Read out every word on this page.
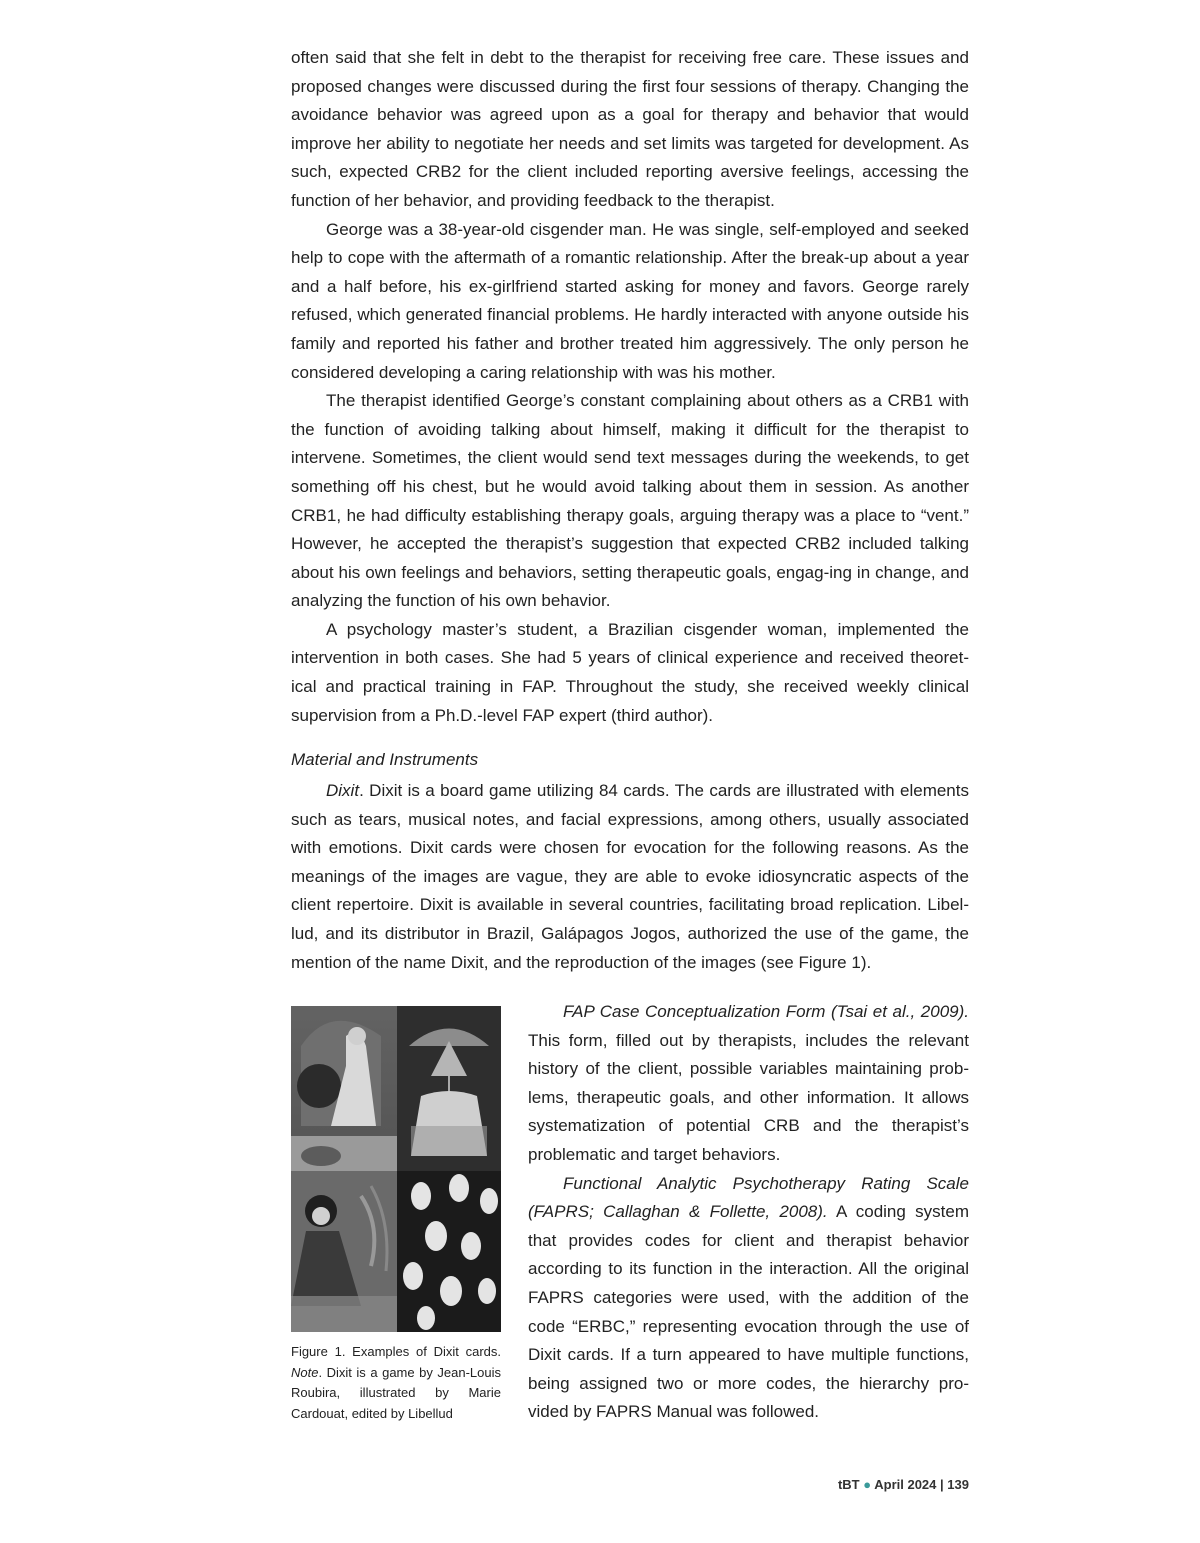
often said that she felt in debt to the therapist for receiving free care. These issues and proposed changes were discussed during the first four sessions of therapy. Changing the avoidance behavior was agreed upon as a goal for therapy and behavior that would improve her ability to negotiate her needs and set limits was targeted for development. As such, expected CRB2 for the client included reporting aversive feelings, accessing the function of her behavior, and providing feedback to the therapist.

George was a 38-year-old cisgender man. He was single, self-employed and seeked help to cope with the aftermath of a romantic relationship. After the break-up about a year and a half before, his ex-girlfriend started asking for money and favors. George rarely refused, which generated financial problems. He hardly interacted with anyone outside his family and reported his father and brother treated him aggressively. The only person he considered developing a caring relationship with was his mother.

The therapist identified George’s constant complaining about others as a CRB1 with the function of avoiding talking about himself, making it difficult for the therapist to intervene. Sometimes, the client would send text messages during the weekends, to get something off his chest, but he would avoid talking about them in session. As another CRB1, he had difficulty establishing therapy goals, arguing therapy was a place to “vent.” However, he accepted the therapist’s suggestion that expected CRB2 included talking about his own feelings and behaviors, setting therapeutic goals, engag-ing in change, and analyzing the function of his own behavior.

A psychology master’s student, a Brazilian cisgender woman, implemented the intervention in both cases. She had 5 years of clinical experience and received theoret-ical and practical training in FAP. Throughout the study, she received weekly clinical supervision from a Ph.D.-level FAP expert (third author).

Material and Instruments

Dixit. Dixit is a board game utilizing 84 cards. The cards are illustrated with elements such as tears, musical notes, and facial expressions, among others, usually associated with emotions. Dixit cards were chosen for evocation for the following reasons. As the meanings of the images are vague, they are able to evoke idiosyncratic aspects of the client repertoire. Dixit is available in several countries, facilitating broad replication. Libel-lud, and its distributor in Brazil, Galápagos Jogos, authorized the use of the game, the mention of the name Dixit, and the reproduction of the images (see Figure 1).

Figure 1. Examples of Dixit cards. Note. Dixit is a game by Jean-Louis Roubira, illustrated by Marie Cardouat, edited by Libellud

FAP Case Conceptualization Form (Tsai et al., 2009). This form, filled out by therapists, includes the relevant history of the client, possible variables maintaining prob-lems, therapeutic goals, and other information. It allows systematization of potential CRB and the therapist’s problematic and target behaviors.

Functional Analytic Psychotherapy Rating Scale (FAPRS; Callaghan & Follette, 2008). A coding system that provides codes for client and therapist behavior according to its function in the interaction. All the original FAPRS categories were used, with the addition of the code “ERBC,” representing evocation through the use of Dixit cards. If a turn appeared to have multiple functions, being assigned two or more codes, the hierarchy pro-vided by FAPRS Manual was followed.

tBT ● April 2024 | 139
